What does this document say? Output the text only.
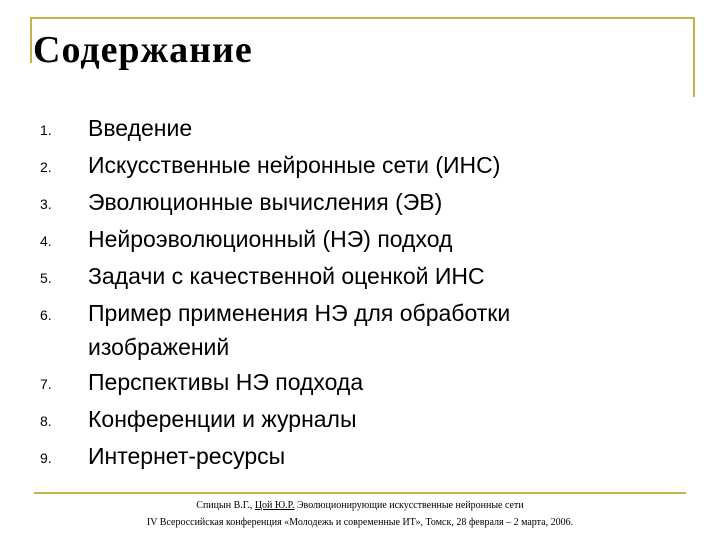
Содержание
1.	Введение
2.	Искусственные нейронные сети (ИНС)
3.	Эволюционные вычисления (ЭВ)
4.	Нейроэволюционный (НЭ) подход
5.	Задачи с качественной оценкой ИНС
6.	Пример применения НЭ для обработки изображений
7.	Перспективы НЭ подхода
8.	Конференции и журналы
9.	Интернет-ресурсы
Спицын В.Г., Цой Ю.Р. Эволюционирующие искусственные нейронные сети
IV Всероссийская конференция «Молодежь и современные ИТ», Томск, 28 февраля – 2 марта, 2006.
